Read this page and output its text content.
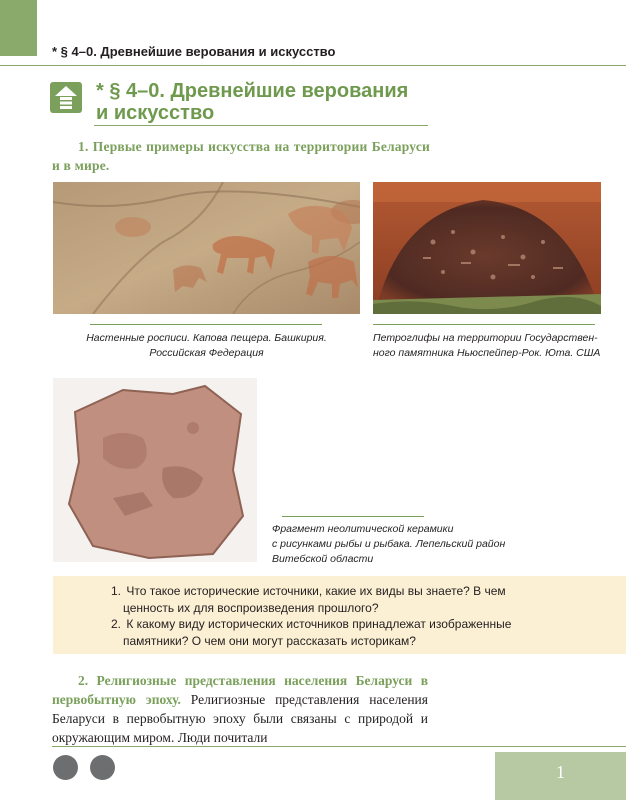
* § 4–0. Древнейшие верования и искусство
* § 4–0. Древнейшие верования
и искусство
1. Первые примеры искусства на территории Беларуси и в мире.
Настенные росписи. Капова пещера. Башкирия.
Российская Федерация
Петроглифы на территории Государствен-
ного памятника Ньюспейпер-Рок. Юта. США
Фрагмент неолитической керамики
с рисунками рыбы и рыбака. Лепельский район
Витебской области
1. Что такое исторические источники, какие их виды вы знаете? В чем
ценность их для воспроизведения прошлого?
2. К какому виду исторических источников принадлежат изображенные
памятники? О чем они могут рассказать историкам?
2. Религиозные представления населения Беларуси в первобытную эпоху. Религиозные представления населения Беларуси в первобытную эпоху были связаны с природой и окружающим миром. Люди почитали
1
